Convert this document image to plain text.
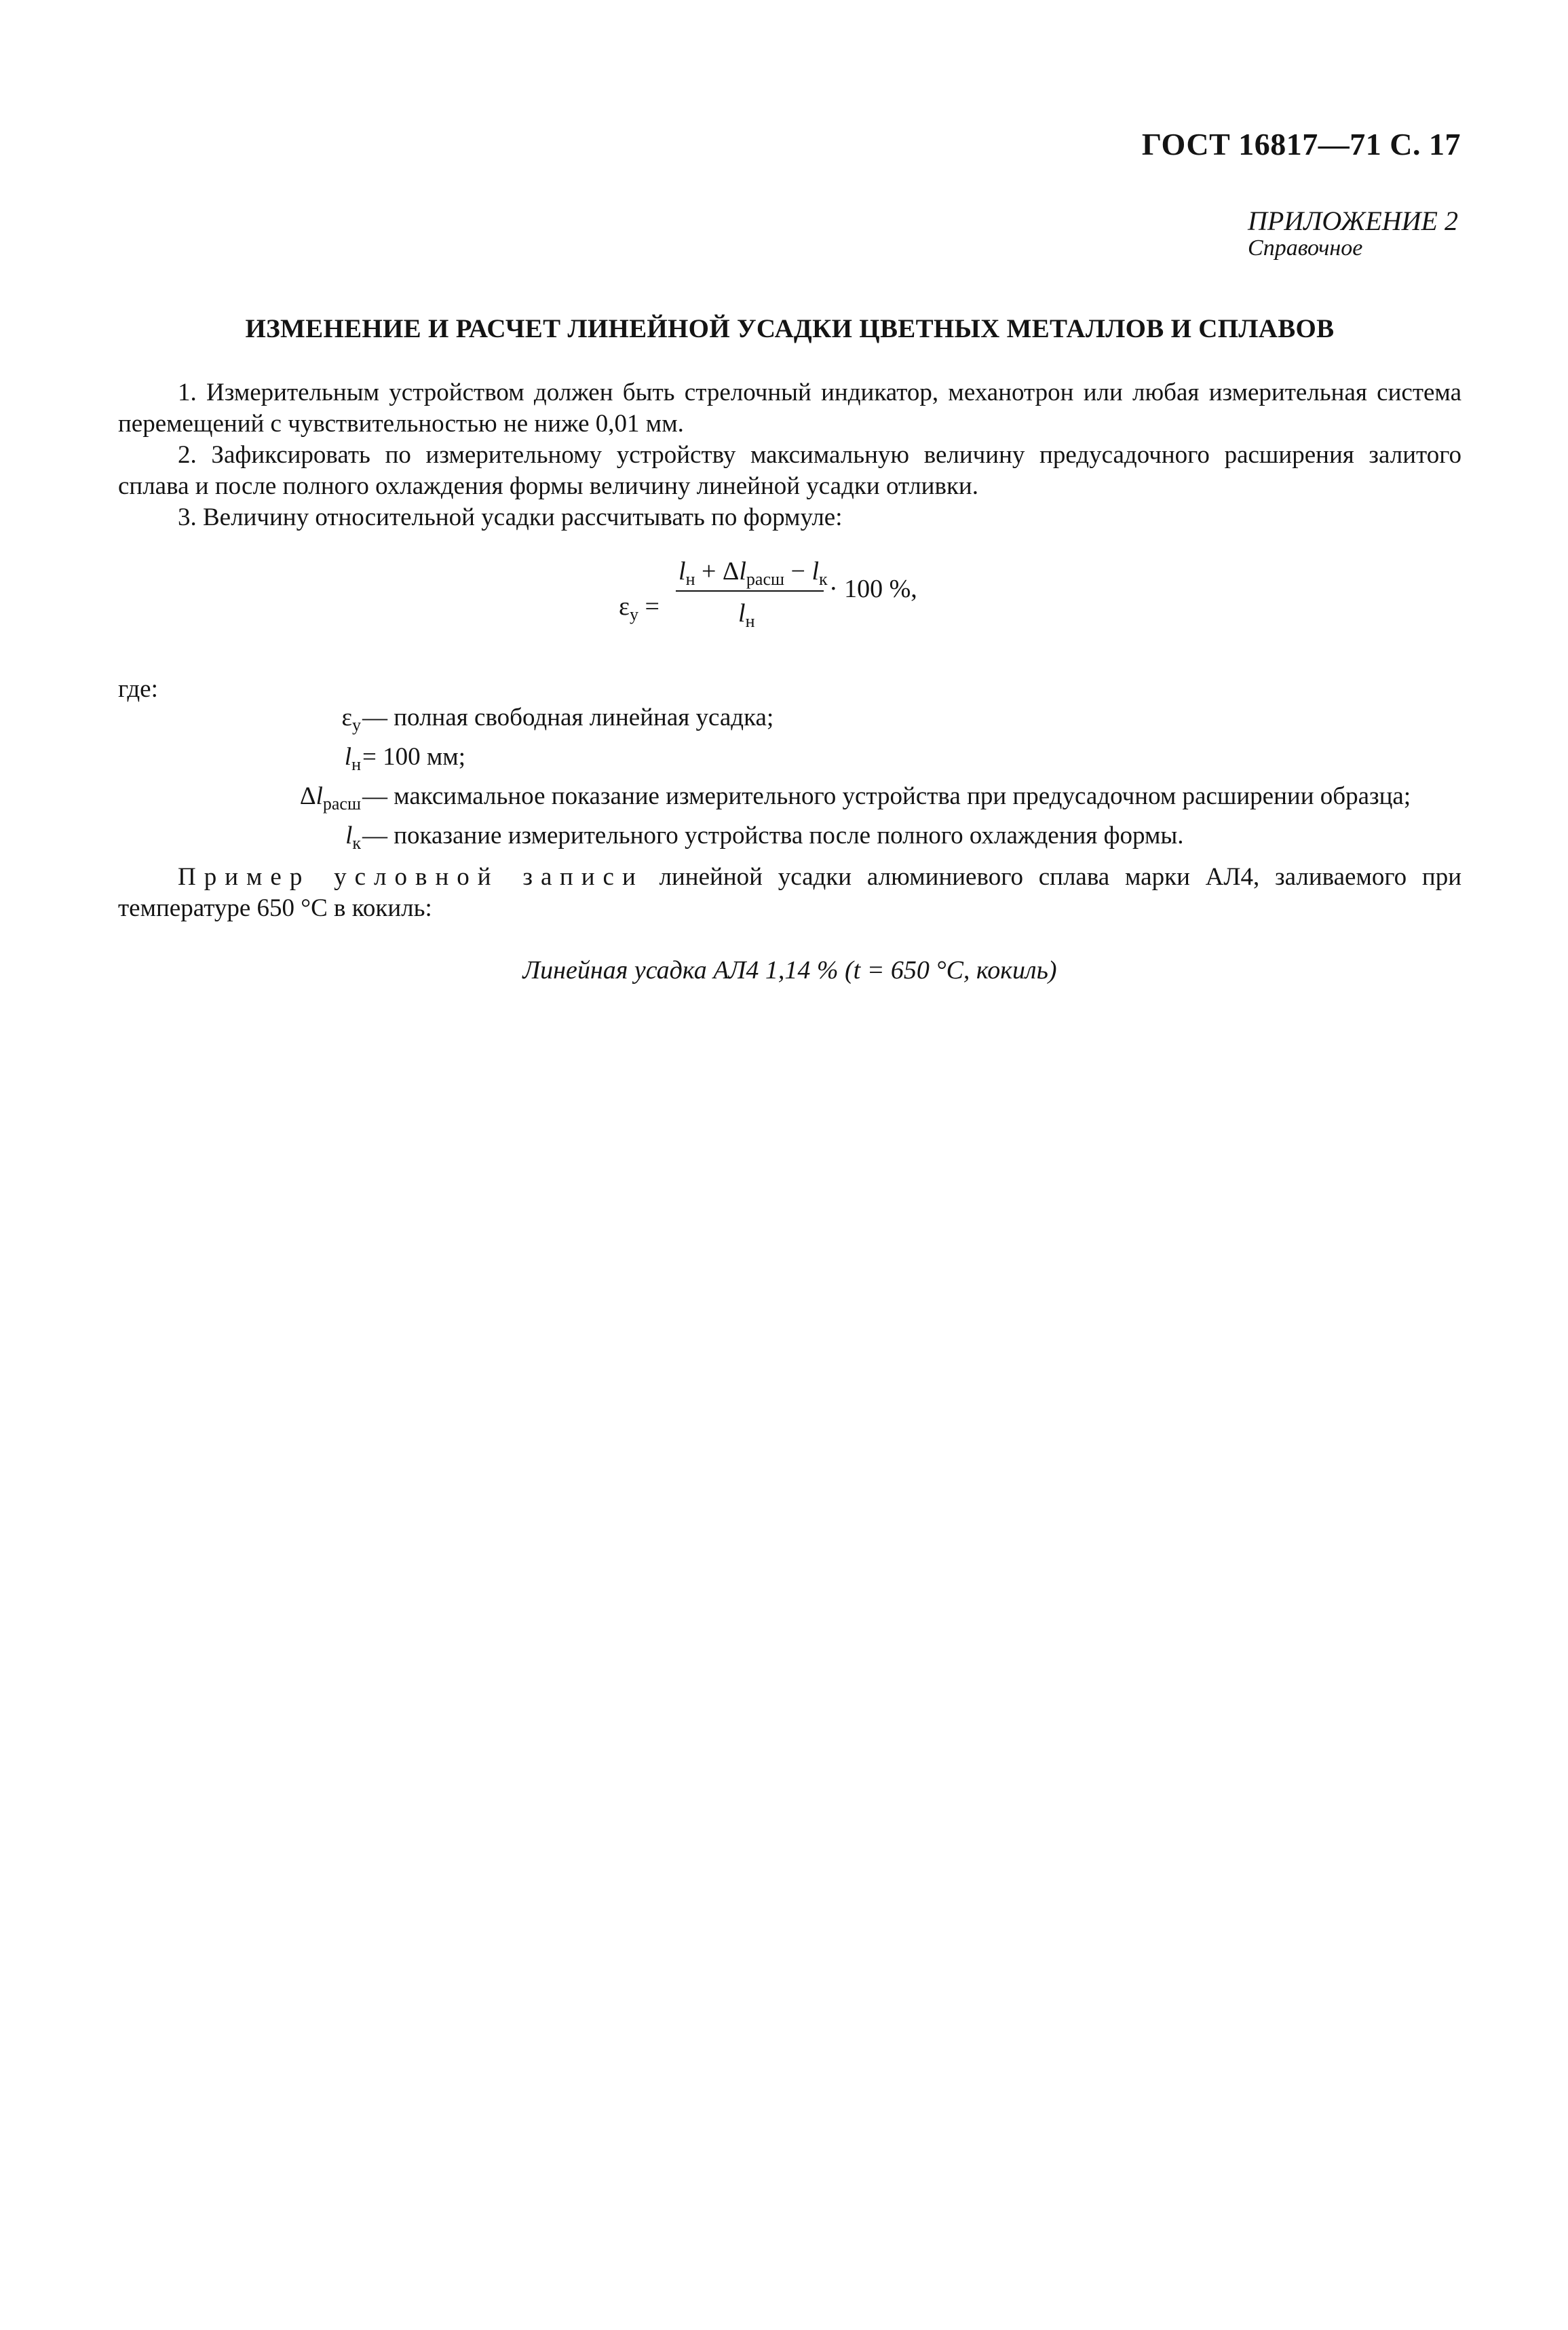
ГОСТ 16817—71 С. 17
ПРИЛОЖЕНИЕ 2
Справочное
ИЗМЕНЕНИЕ И РАСЧЕТ ЛИНЕЙНОЙ УСАДКИ ЦВЕТНЫХ МЕТАЛЛОВ И СПЛАВОВ

1. Измерительным устройством должен быть стрелочный индикатор, механотрон или любая измерительная система перемещений с чувствительностью не ниже 0,01 мм.

2. Зафиксировать по измерительному устройству максимальную величину предусадочного расширения залитого сплава и после полного охлаждения формы величину линейной усадки отливки.

3. Величину относительной усадки рассчитывать по формуле:

$\varepsilon_у$ =
$l_н + \Delta l_{расш} - l_к$
$l_н$
· 100 %,
где:
$\varepsilon_у$ — полная свободная линейная усадка;
$l_н = 100$ мм;
$\Delta l_{расш}$ — максимальное показание измерительного устройства при предусадочном расширении образца;
$l_к$ — показание измерительного устройства после полного охлаждения формы.

Пример условной записи линейной усадки алюминиевого сплава марки АЛ4, заливаемого при температуре 650 °С в кокиль:

Линейная усадка АЛ4 1,14 % (t = 650 °С, кокиль)
